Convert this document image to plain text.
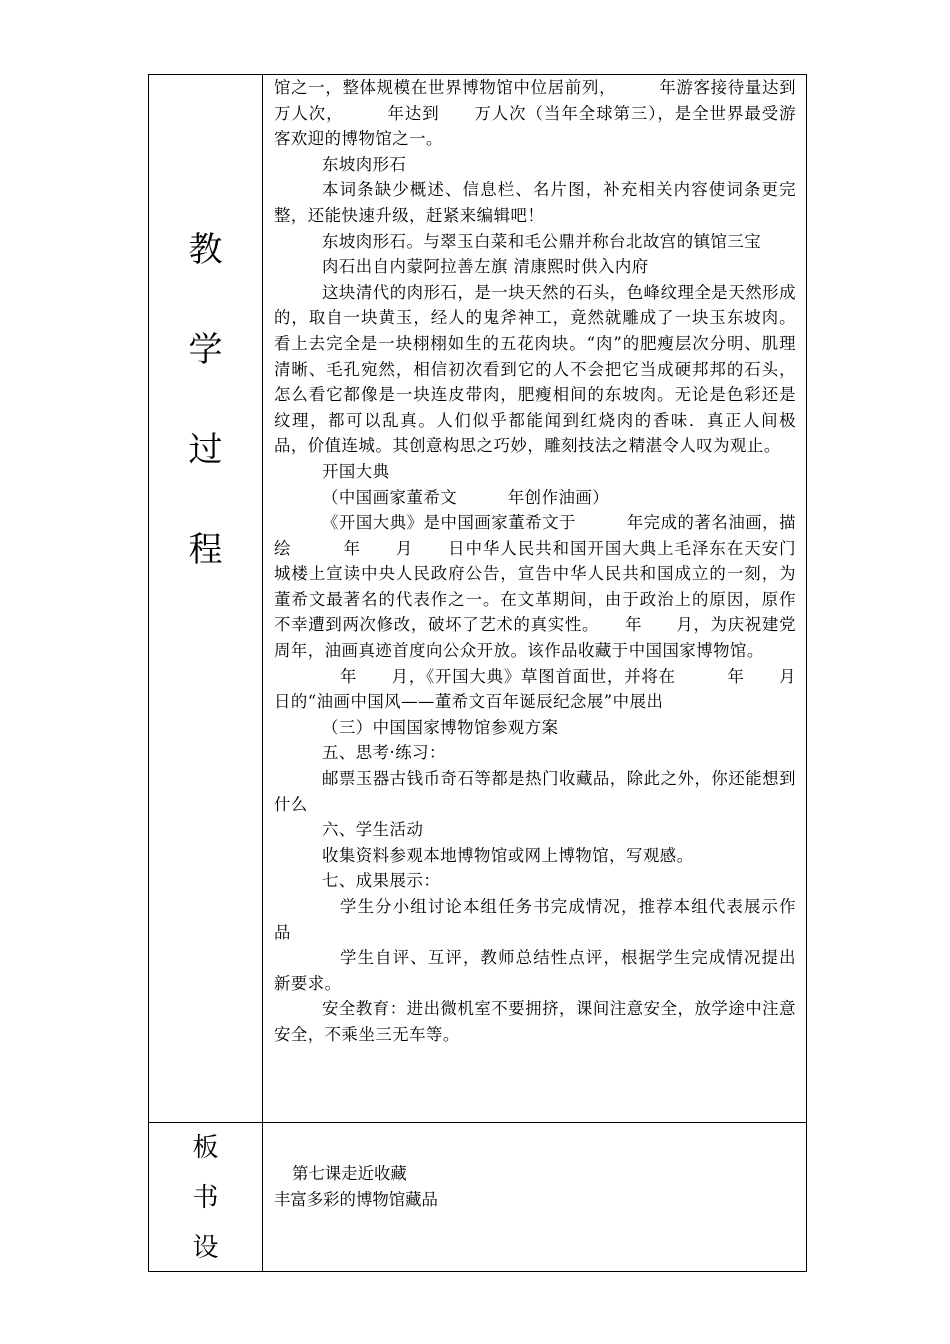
教
学
过
程

馆之一，整体规模在世界博物馆中位居前列，　　　年游客接待量达到　　万人次，　　　年达到　　万人次（当年全球第三），是全世界最受游客欢迎的博物馆之一。

东坡肉形石

本词条缺少概述、信息栏、名片图，补充相关内容使词条更完整，还能快速升级，赶紧来编辑吧！

东坡肉形石。与翠玉白菜和毛公鼎并称台北故宫的镇馆三宝

肉石出自内蒙阿拉善左旗 清康熙时供入内府

这块清代的肉形石，是一块天然的石头，色峰纹理全是天然形成的，取自一块黄玉，经人的鬼斧神工，竟然就雕成了一块玉东坡肉。看上去完全是一块栩栩如生的五花肉块。“肉”的肥瘦层次分明、肌理清晰、毛孔宛然，相信初次看到它的人不会把它当成硬邦邦的石头，怎么看它都像是一块连皮带肉，肥瘦相间的东坡肉。无论是色彩还是纹理，都可以乱真。人们似乎都能闻到红烧肉的香味．真正人间极品，价值连城。其创意构思之巧妙，雕刻技法之精湛令人叹为观止。

开国大典

（中国画家董希文　　　年创作油画）

《开国大典》是中国画家董希文于　　　年完成的著名油画，描绘　　　年　　月　　日中华人民共和国开国大典上毛泽东在天安门城楼上宣读中央人民政府公告，宣告中华人民共和国成立的一刻，为董希文最著名的代表作之一。在文革期间，由于政治上的原因，原作不幸遭到两次修改，破坏了艺术的真实性。　　年　　月，为庆祝建党　　周年，油画真迹首度向公众开放。该作品收藏于中国国家博物馆。

年　　月，《开国大典》草图首面世，并将在　　　年　　月　　日的“油画中国风——董希文百年诞辰纪念展”中展出

（三）中国国家博物馆参观方案

五、思考·练习：

邮票玉器古钱币奇石等都是热门收藏品，除此之外，你还能想到什么

六、学生活动

收集资料参观本地博物馆或网上博物馆，写观感。

七、成果展示：

学生分小组讨论本组任务书完成情况，推荐本组代表展示作品

学生自评、互评，教师总结性点评，根据学生完成情况提出新要求。

安全教育：进出微机室不要拥挤，课间注意安全，放学途中注意安全，不乘坐三无车等。

板
书
设

第七课走近收藏

丰富多彩的博物馆藏品
